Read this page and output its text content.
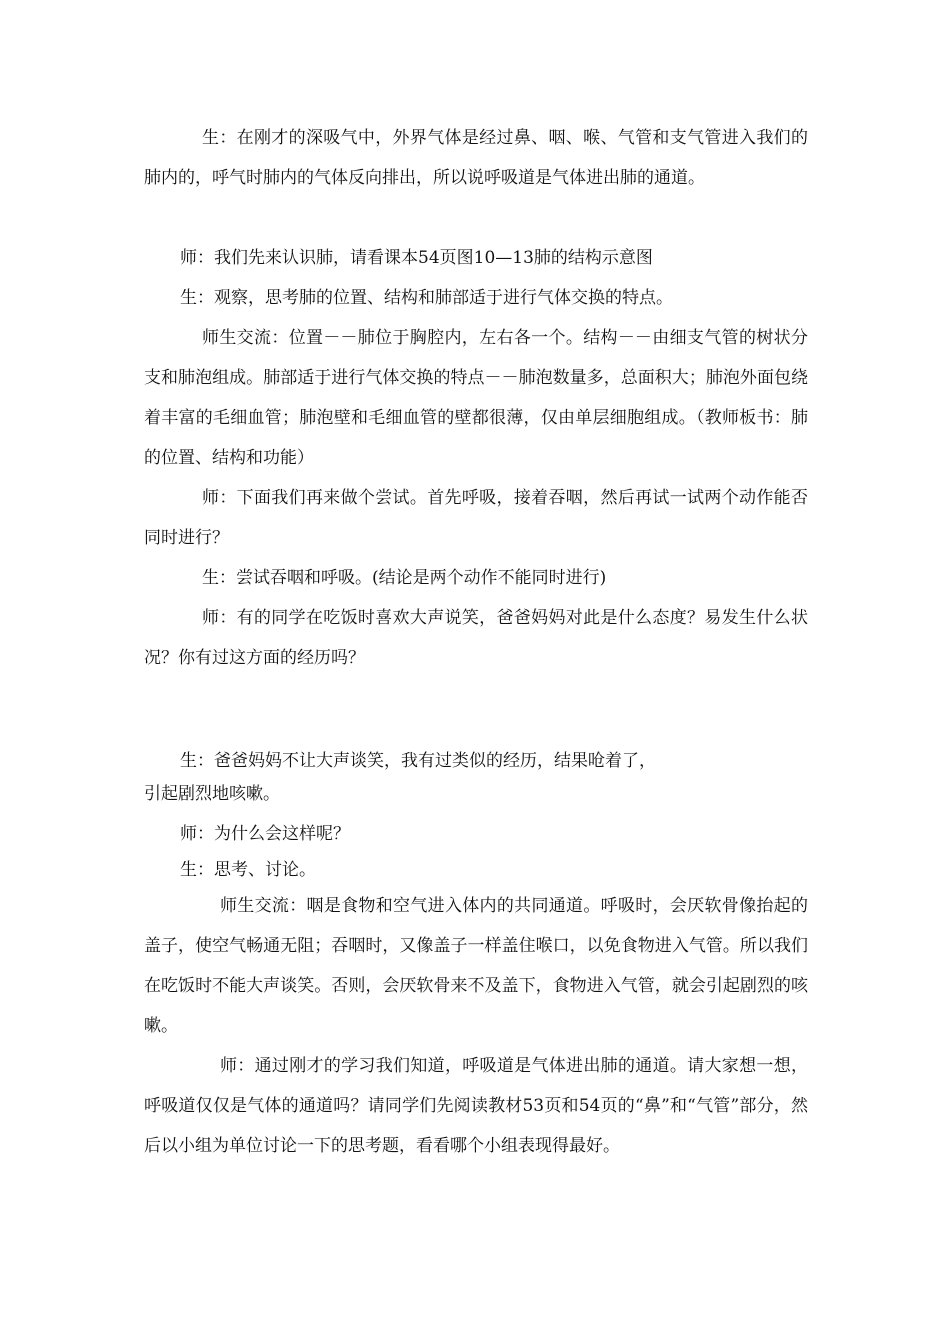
生：在刚才的深吸气中，外界气体是经过鼻、咽、喉、气管和支气管进入我们的肺内的，呼气时肺内的气体反向排出，所以说呼吸道是气体进出肺的通道。

师：我们先来认识肺，请看课本54页图10—13肺的结构示意图

生：观察，思考肺的位置、结构和肺部适于进行气体交换的特点。

师生交流：位置－－肺位于胸腔内，左右各一个。结构－－由细支气管的树状分支和肺泡组成。肺部适于进行气体交换的特点－－肺泡数量多，总面积大；肺泡外面包绕着丰富的毛细血管；肺泡壁和毛细血管的壁都很薄，仅由单层细胞组成。（教师板书：肺的位置、结构和功能）

师：下面我们再来做个尝试。首先呼吸，接着吞咽，然后再试一试两个动作能否同时进行？

生：尝试吞咽和呼吸。(结论是两个动作不能同时进行)

师：有的同学在吃饭时喜欢大声说笑，爸爸妈妈对此是什么态度？易发生什么状况？你有过这方面的经历吗？

生：爸爸妈妈不让大声谈笑，我有过类似的经历，结果呛着了，

引起剧烈地咳嗽。

师：为什么会这样呢？

生：思考、讨论。

师生交流：咽是食物和空气进入体内的共同通道。呼吸时，会厌软骨像抬起的盖子，使空气畅通无阻；吞咽时，又像盖子一样盖住喉口，以免食物进入气管。所以我们在吃饭时不能大声谈笑。否则，会厌软骨来不及盖下，食物进入气管，就会引起剧烈的咳嗽。

师：通过刚才的学习我们知道，呼吸道是气体进出肺的通道。请大家想一想，呼吸道仅仅是气体的通道吗？请同学们先阅读教材53页和54页的“鼻”和“气管”部分，然后以小组为单位讨论一下的思考题，看看哪个小组表现得最好。
